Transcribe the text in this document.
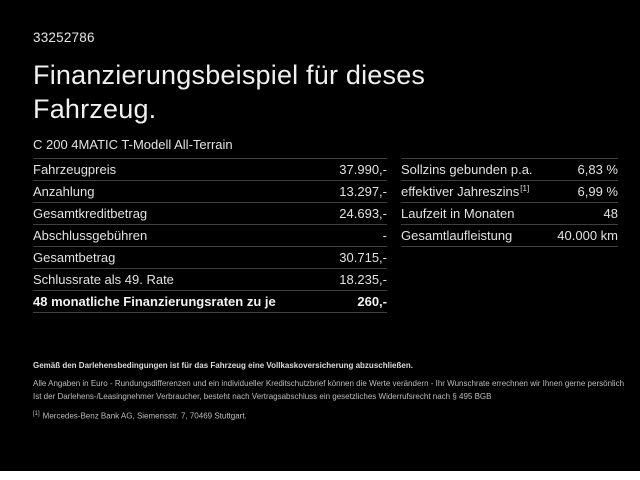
33252786
Finanzierungsbeispiel für dieses Fahrzeug.
C 200 4MATIC T-Modell All-Terrain
Fahrzeugpreis	37.990,-
Anzahlung	13.297,-
Gesamtkreditbetrag	24.693,-
Abschlussgebühren	-
Gesamtbetrag	30.715,-
Schlussrate als 49. Rate	18.235,-
48 monatliche Finanzierungsraten zu je	260,-
Sollzins gebunden p.a.	6,83 %
effektiver Jahreszins[1]	6,99 %
Laufzeit in Monaten	48
Gesamtlaufleistung	40.000 km
Gemäß den Darlehensbedingungen ist für das Fahrzeug eine Vollkaskoversicherung abzuschließen.
Alle Angaben in Euro - Rundungsdifferenzen und ein individueller Kreditschutzbrief können die Werte verändern - Ihr Wunschrate errechnen wir Ihnen gerne persönlich
Ist der Darlehens-/Leasingnehmer Verbraucher, besteht nach Vertragsabschluss ein gesetzliches Widerrufsrecht nach § 495 BGB
[1] Mercedes-Benz Bank AG, Siemensstr. 7, 70469 Stuttgart.
